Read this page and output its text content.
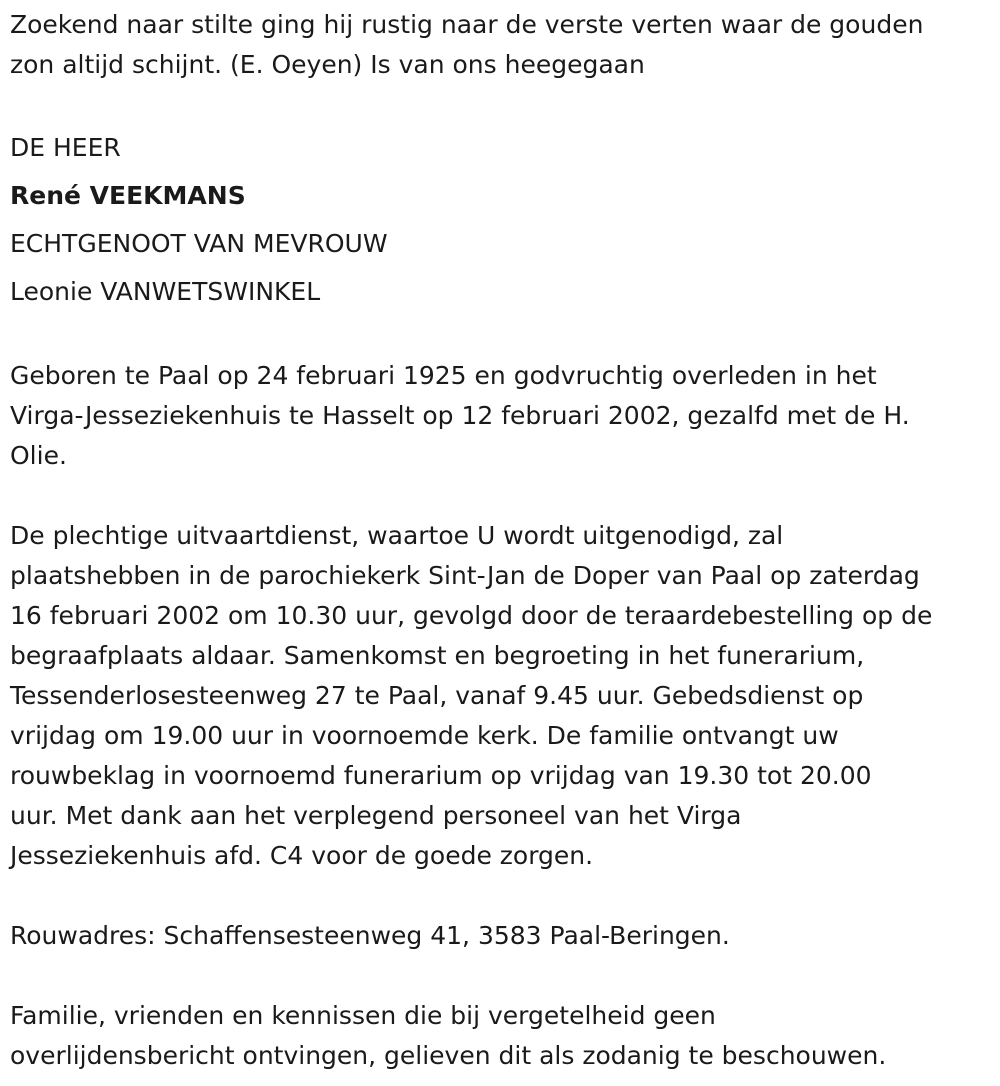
Zoekend naar stilte ging hij rustig naar de verste verten waar de gouden
zon altijd schijnt. (E. Oeyen) Is van ons heegegaan

DE HEER
René VEEKMANS
ECHTGENOOT VAN MEVROUW
Leonie VANWETSWINKEL

Geboren te Paal op 24 februari 1925 en godvruchtig overleden in het
Virga-Jesseziekenhuis te Hasselt op 12 februari 2002, gezalfd met de H.
Olie.

De plechtige uitvaartdienst, waartoe U wordt uitgenodigd, zal
plaatshebben in de parochiekerk Sint-Jan de Doper van Paal op zaterdag
16 februari 2002 om 10.30 uur, gevolgd door de teraardebestelling op de
begraafplaats aldaar. Samenkomst en begroeting in het funerarium,
Tessenderlosesteenweg 27 te Paal, vanaf 9.45 uur. Gebedsdienst op
vrijdag om 19.00 uur in voornoemde kerk. De familie ontvangt uw
rouwbeklag in voornoemd funerarium op vrijdag van 19.30 tot 20.00
uur. Met dank aan het verplegend personeel van het Virga
Jesseziekenhuis afd. C4 voor de goede zorgen.

Rouwadres: Schaffensesteenweg 41, 3583 Paal-Beringen.

Familie, vrienden en kennissen die bij vergetelheid geen
overlijdensbericht ontvingen, gelieven dit als zodanig te beschouwen.
